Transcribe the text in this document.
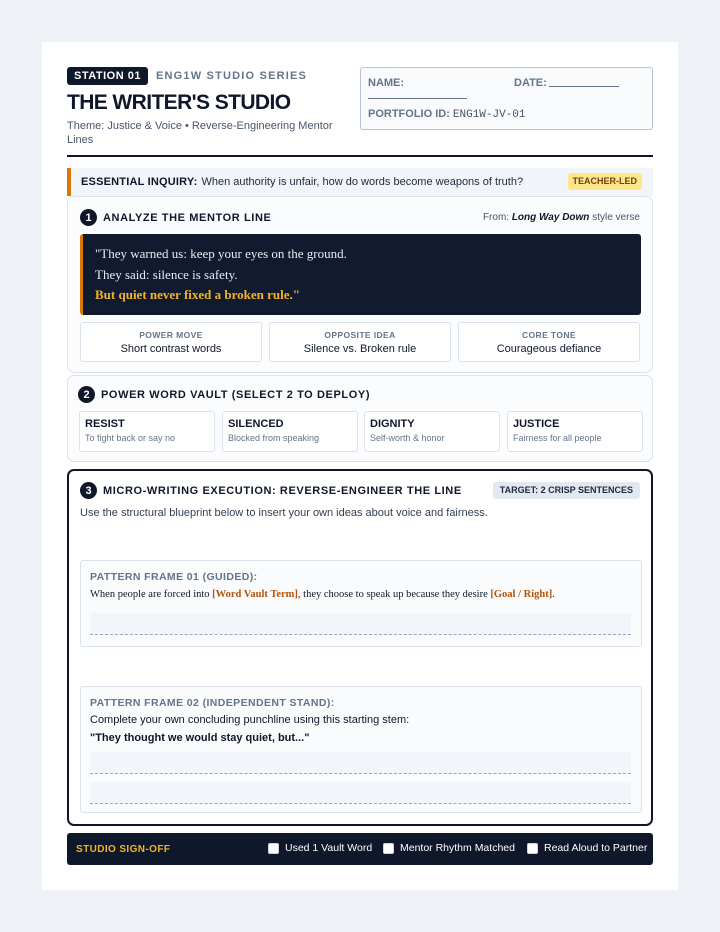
STATION 01	ENG1W STUDIO SERIES
THE WRITER'S STUDIO
Theme: Justice & Voice • Reverse-Engineering Mentor Lines
NAME:	DATE:
PORTFOLIO ID: ENG1W-JV-01
ESSENTIAL INQUIRY: When authority is unfair, how do words become weapons of truth?	TEACHER-LED
1	ANALYZE THE MENTOR LINE	From: Long Way Down style verse
"They warned us: keep your eyes on the ground.
They said: silence is safety.
But quiet never fixed a broken rule."
POWER MOVE
Short contrast words
OPPOSITE IDEA
Silence vs. Broken rule
CORE TONE
Courageous defiance
2	POWER WORD VAULT (SELECT 2 TO DEPLOY)
RESIST
To fight back or say no
SILENCED
Blocked from speaking
DIGNITY
Self-worth & honor
JUSTICE
Fairness for all people
3	MICRO-WRITING EXECUTION: REVERSE-ENGINEER THE LINE	TARGET: 2 CRISP SENTENCES
Use the structural blueprint below to insert your own ideas about voice and fairness.
PATTERN FRAME 01 (GUIDED):
When people are forced into [Word Vault Term], they choose to speak up because they desire [Goal / Right].
PATTERN FRAME 02 (INDEPENDENT STAND):
Complete your own concluding punchline using this starting stem:
"They thought we would stay quiet, but..."
STUDIO SIGN-OFF	Used 1 Vault Word	Mentor Rhythm Matched	Read Aloud to Partner
